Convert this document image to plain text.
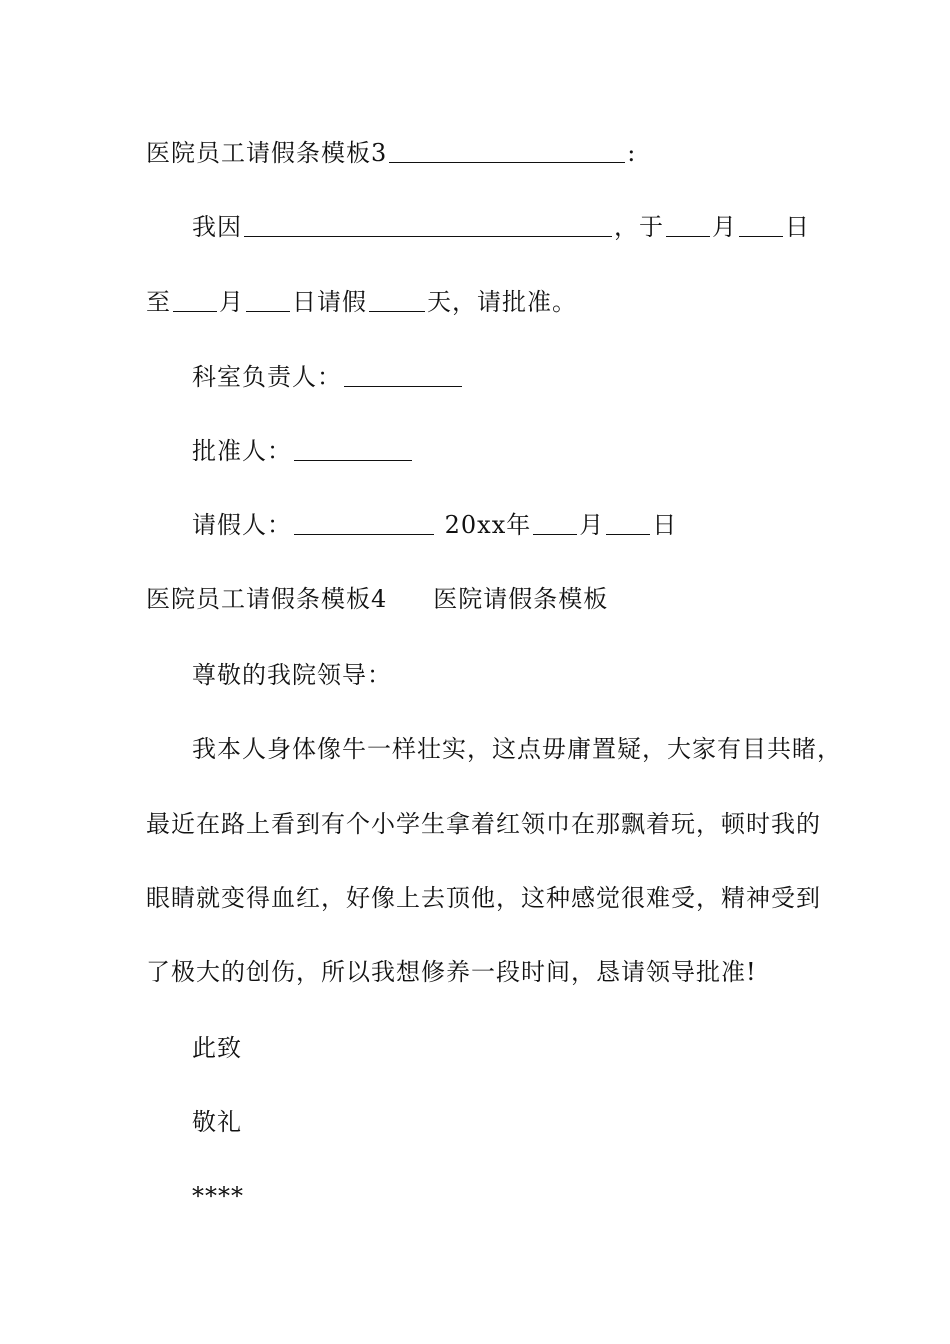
医院员工请假条模板3	:
我因	，于 月 日
至 月 日请假	天，请批准。
科室负责人：
批准人：
请假人：	20xx年 月 日
医院员工请假条模板4 医院请假条模板
尊敬的我院领导：
我本人身体像牛一样壮实，这点毋庸置疑，大家有目共睹，
最近在路上看到有个小学生拿着红领巾在那飘着玩，顿时我的
眼睛就变得血红，好像上去顶他，这种感觉很难受，精神受到
了极大的创伤，所以我想修养一段时间，恳请领导批准!
此致
敬礼
****
